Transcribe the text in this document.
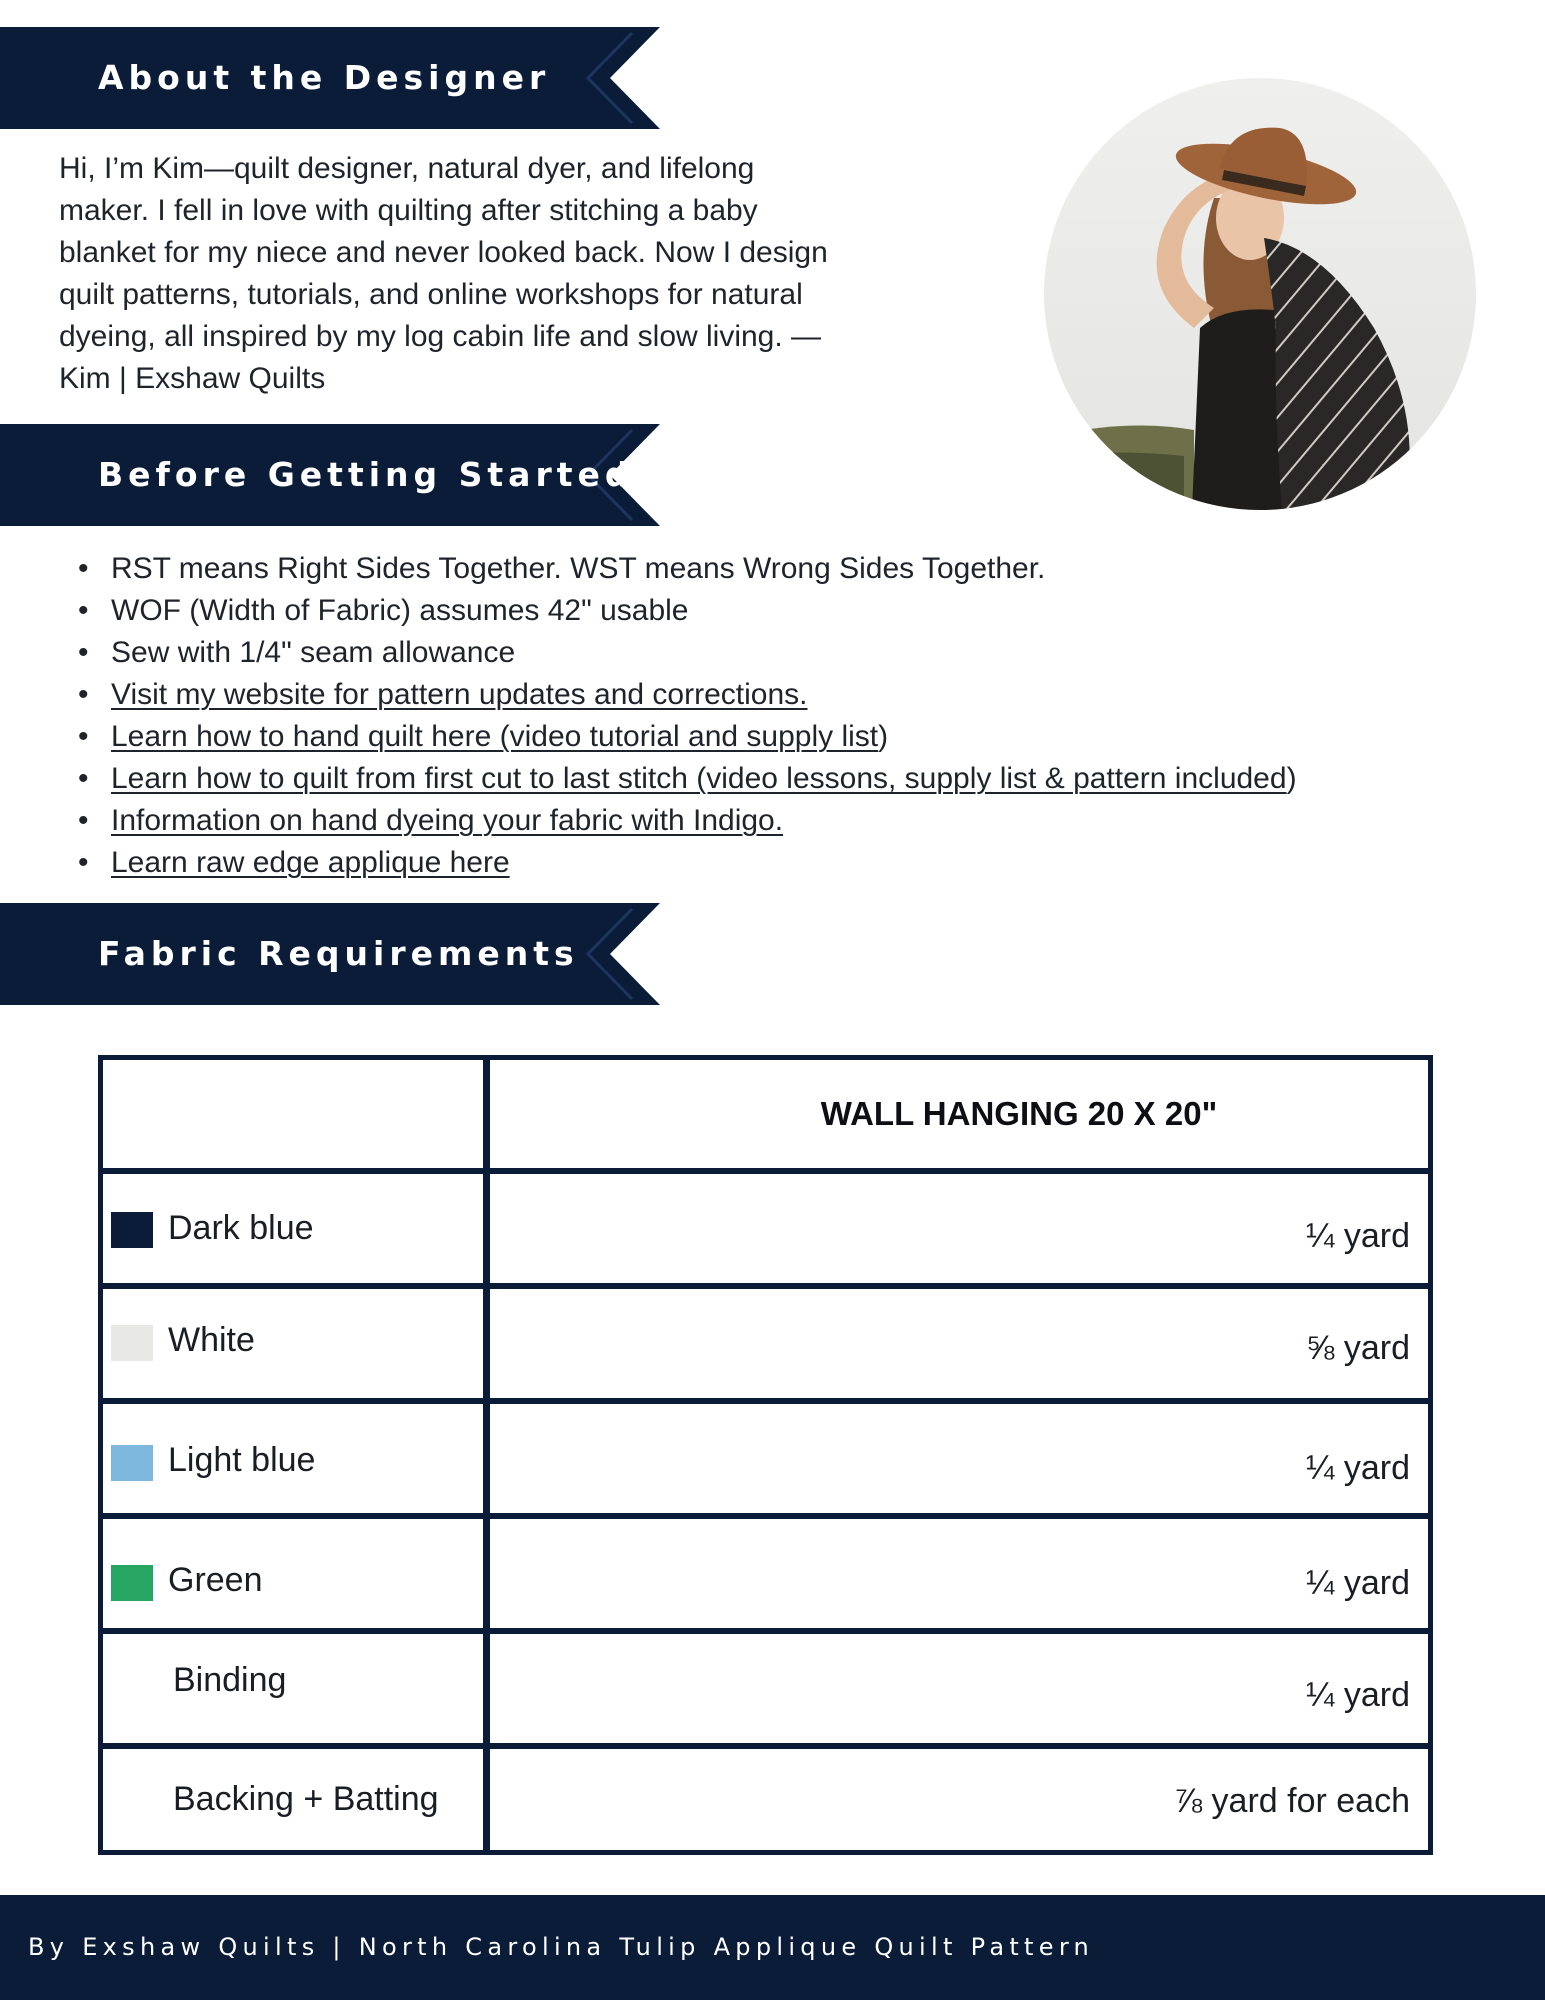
About the Designer

Hi, I’m Kim—quilt designer, natural dyer, and lifelong maker. I fell in love with quilting after stitching a baby blanket for my niece and never looked back. Now I design quilt patterns, tutorials, and online workshops for natural dyeing, all inspired by my log cabin life and slow living. —Kim | Exshaw Quilts

Before Getting Started
• RST means Right Sides Together. WST means Wrong Sides Together.
• WOF (Width of Fabric) assumes 42" usable
• Sew with 1/4" seam allowance
• Visit my website for pattern updates and corrections.
• Learn how to hand quilt here (video tutorial and supply list)
• Learn how to quilt from first cut to last stitch (video lessons, supply list & pattern included)
• Information on hand dyeing your fabric with Indigo.
• Learn raw edge applique here
Fabric Requirements
WALL HANGING 20 X 20"
Dark blue	¼ yard
White	⅝ yard
Light blue	¼ yard
Green	¼ yard
Binding	¼ yard
Backing + Batting	⅞ yard for each
By Exshaw Quilts | North Carolina Tulip Applique Quilt Pattern
